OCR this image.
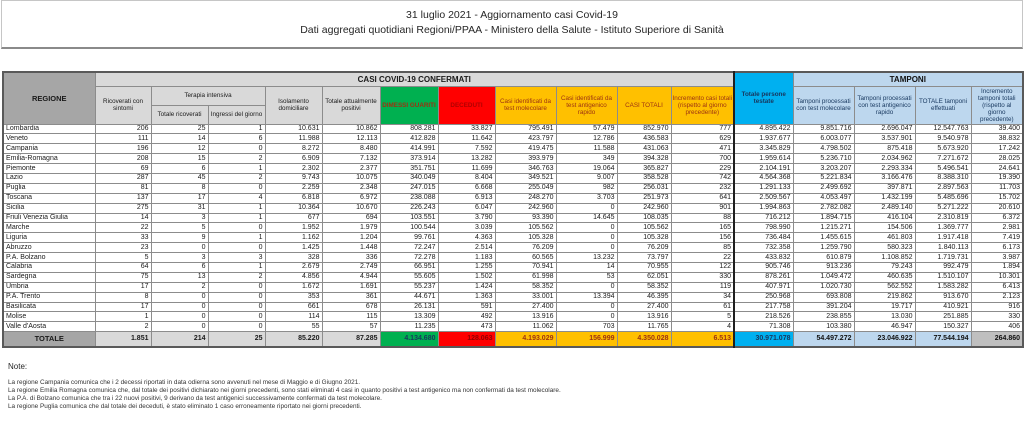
31 luglio 2021 - Aggiornamento casi Covid-19
Dati aggregati quotidiani Regioni/PPAA - Ministero della Salute - Istituto Superiore di Sanità
REGIONE	CASI COVID-19 CONFERMATI											Totale persone testate	TAMPONI			
	Ricoverati con sintomi	Terapia intensiva		Isolamento domiciliare	Totale attualmente positivi	DIMESSI GUARITI	DECEDUTI	Casi identificati da test molecolare	Casi identificati da test antigenico rapido	CASI TOTALI	Incremento casi totali (rispetto al giorno precedente)		Tamponi processati con test molecolare	Tamponi processati con test antigenico rapido	TOTALE tamponi effettuati	Incremento tamponi totali (rispetto al giorno precedente)
		Totale ricoverati	Ingressi del giorno													
Lombardia	206	25	1	10.631	10.862	808.281	33.827	795.491	57.479	852.970	777	4.895.422	9.851.716	2.696.047	12.547.763	39.400
Veneto	111	14	6	11.988	12.113	412.828	11.642	423.797	12.786	436.583	629	1.937.677	6.003.077	3.537.901	9.540.978	38.832
Campania	196	12	0	8.272	8.480	414.991	7.592	419.475	11.588	431.063	471	3.345.829	4.798.502	875.418	5.673.920	17.242
Emilia-Romagna	208	15	2	6.909	7.132	373.914	13.282	393.979	349	394.328	700	1.959.614	5.236.710	2.034.962	7.271.672	28.025
Piemonte	69	6	1	2.302	2.377	351.751	11.699	346.763	19.064	365.827	229	2.104.191	3.203.207	2.293.334	5.496.541	24.641
Lazio	287	45	2	9.743	10.075	340.049	8.404	349.521	9.007	358.528	742	4.564.368	5.221.834	3.166.476	8.388.310	19.390
Puglia	81	8	0	2.259	2.348	247.015	6.668	255.049	982	256.031	232	1.291.133	2.499.692	397.871	2.897.563	11.703
Toscana	137	17	4	6.818	6.972	238.088	6.913	248.270	3.703	251.973	641	2.509.567	4.053.497	1.432.199	5.485.696	15.702
Sicilia	275	31	1	10.364	10.670	226.243	6.047	242.960	0	242.960	901	1.994.863	2.782.082	2.489.140	5.271.222	20.610
Friuli Venezia Giulia	14	3	1	677	694	103.551	3.790	93.390	14.645	108.035	88	716.212	1.894.715	416.104	2.310.819	6.372
Marche	22	5	0	1.952	1.979	100.544	3.039	105.562	0	105.562	165	798.990	1.215.271	154.506	1.369.777	2.981
Liguria	33	9	1	1.162	1.204	99.761	4.363	105.328	0	105.328	156	736.484	1.455.615	461.803	1.917.418	7.419
Abruzzo	23	0	0	1.425	1.448	72.247	2.514	76.209	0	76.209	85	732.358	1.259.790	580.323	1.840.113	6.173
P.A. Bolzano	5	3	3	328	336	72.278	1.183	60.565	13.232	73.797	22	433.832	610.879	1.108.852	1.719.731	3.987
Calabria	64	6	1	2.679	2.749	66.951	1.255	70.941	14	70.955	122	905.746	913.236	79.243	992.479	1.894
Sardegna	75	13	2	4.856	4.944	55.605	1.502	61.998	53	62.051	330	878.261	1.049.472	460.635	1.510.107	10.301
Umbria	17	2	0	1.672	1.691	55.237	1.424	58.352	0	58.352	119	407.971	1.020.730	562.552	1.583.282	6.413
P.A. Trento	8	0	0	353	361	44.671	1.363	33.001	13.394	46.395	34	250.968	693.808	219.862	913.670	2.123
Basilicata	17	0	0	661	678	26.131	591	27.400	0	27.400	61	217.758	391.204	19.717	410.921	916
Molise	1	0	0	114	115	13.309	492	13.916	0	13.916	5	218.526	238.855	13.030	251.885	330
Valle d'Aosta	2	0	0	55	57	11.235	473	11.062	703	11.765	4	71.308	103.380	46.947	150.327	406
TOTALE	1.851	214	25	85.220	87.285	4.134.680	128.063	4.193.029	156.999	4.350.028	6.513	30.971.078	54.497.272	23.046.922	77.544.194	264.860
Note:
La regione Campania comunica che i 2 decessi riportati in data odierna sono avvenuti nel mese di Maggio e di Giugno 2021.
La regione Emilia Romagna comunica che, dal totale dei positivi dichiarato nei giorni precedenti, sono stati eliminati 4 casi in quanto positivi a test antigenico ma non confermati da test molecolare.
La P.A. di Bolzano comunica che tra i 22 nuovi positivi, 9 derivano da test antigenici successivamente confermati da test molecolare.
La regione Puglia comunica che dal totale dei deceduti, è stato eliminato 1 caso erroneamente riportato nei giorni precedenti.
